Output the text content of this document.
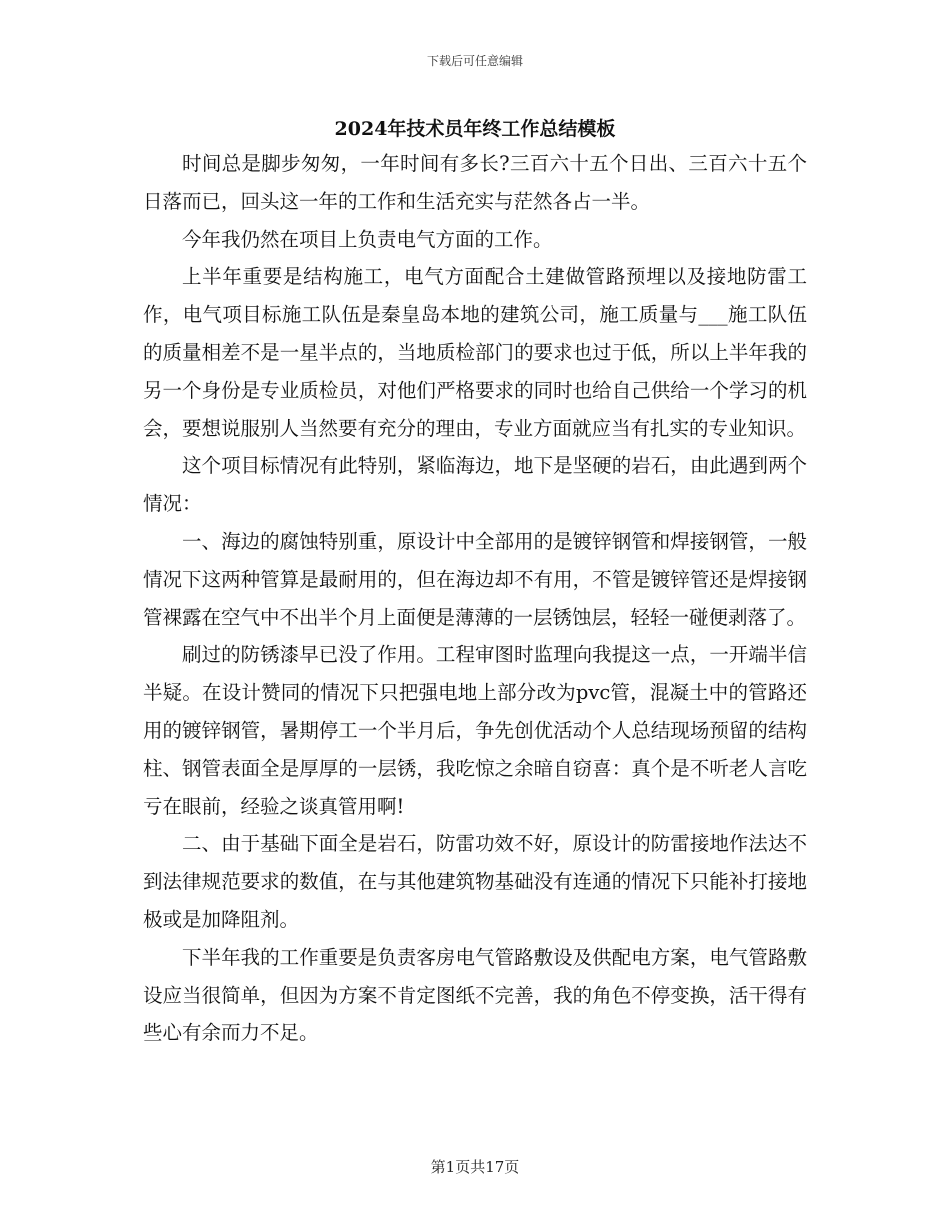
下载后可任意编辑
2024年技术员年终工作总结模板

时间总是脚步匆匆，一年时间有多长?三百六十五个日出、三百六十五个日落而已，回头这一年的工作和生活充实与茫然各占一半。

今年我仍然在项目上负责电气方面的工作。

上半年重要是结构施工，电气方面配合土建做管路预埋以及接地防雷工作，电气项目标施工队伍是秦皇岛本地的建筑公司，施工质量与___施工队伍的质量相差不是一星半点的，当地质检部门的要求也过于低，所以上半年我的另一个身份是专业质检员，对他们严格要求的同时也给自己供给一个学习的机会，要想说服别人当然要有充分的理由，专业方面就应当有扎实的专业知识。

这个项目标情况有此特别，紧临海边，地下是坚硬的岩石，由此遇到两个情况：

一、海边的腐蚀特别重，原设计中全部用的是镀锌钢管和焊接钢管，一般情况下这两种管算是最耐用的，但在海边却不有用，不管是镀锌管还是焊接钢管裸露在空气中不出半个月上面便是薄薄的一层锈蚀层，轻轻一碰便剥落了。

刷过的防锈漆早已没了作用。工程审图时监理向我提这一点，一开端半信半疑。在设计赞同的情况下只把强电地上部分改为pvc管，混凝土中的管路还用的镀锌钢管，暑期停工一个半月后，争先创优活动个人总结现场预留的结构柱、钢管表面全是厚厚的一层锈，我吃惊之余暗自窃喜：真个是不听老人言吃亏在眼前，经验之谈真管用啊!

二、由于基础下面全是岩石，防雷功效不好，原设计的防雷接地作法达不到法律规范要求的数值，在与其他建筑物基础没有连通的情况下只能补打接地极或是加降阻剂。

下半年我的工作重要是负责客房电气管路敷设及供配电方案，电气管路敷设应当很简单，但因为方案不肯定图纸不完善，我的角色不停变换，活干得有些心有余而力不足。

第1页共17页
